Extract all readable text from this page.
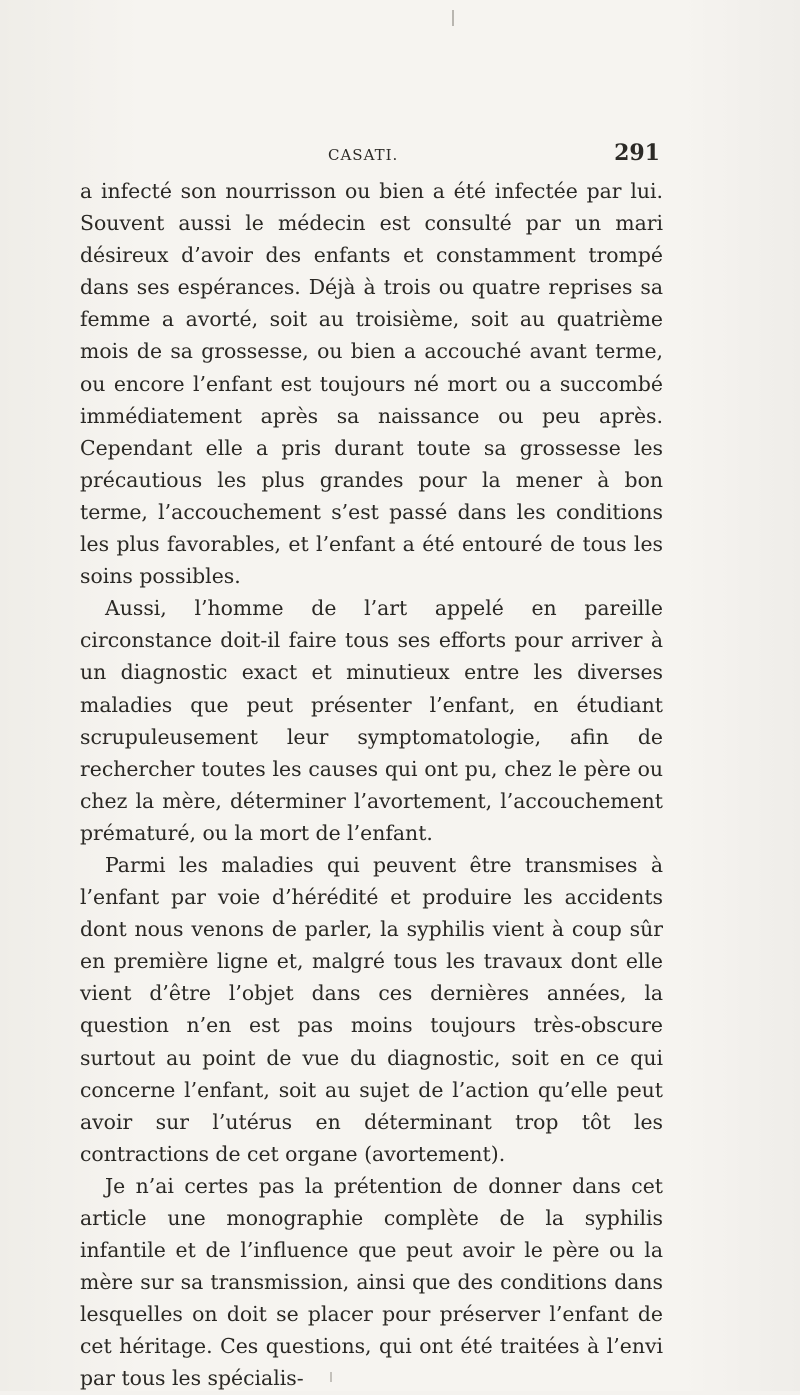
CASATI.	291

a infecté son nourrisson ou bien a été infectée par lui. Souvent aussi le médecin est consulté par un mari désireux d’avoir des enfants et constamment trompé dans ses espérances. Déjà à trois ou quatre reprises sa femme a avorté, soit au troisième, soit au quatrième mois de sa grossesse, ou bien a accouché avant terme, ou encore l’enfant est toujours né mort ou a succombé immédiatement après sa naissance ou peu après. Cependant elle a pris durant toute sa grossesse les précautious les plus grandes pour la mener à bon terme, l’accouchement s’est passé dans les conditions les plus favorables, et l’enfant a été entouré de tous les soins possibles.

Aussi, l’homme de l’art appelé en pareille circonstance doit-il faire tous ses efforts pour arriver à un diagnostic exact et minutieux entre les diverses maladies que peut présenter l’enfant, en étudiant scrupuleusement leur symptomatologie, afin de rechercher toutes les causes qui ont pu, chez le père ou chez la mère, déterminer l’avortement, l’accouchement prématuré, ou la mort de l’enfant.

Parmi les maladies qui peuvent être transmises à l’enfant par voie d’hérédité et produire les accidents dont nous venons de parler, la syphilis vient à coup sûr en première ligne et, malgré tous les travaux dont elle vient d’être l’objet dans ces dernières années, la question n’en est pas moins toujours très-obscure surtout au point de vue du diagnostic, soit en ce qui concerne l’enfant, soit au sujet de l’action qu’elle peut avoir sur l’utérus en déterminant trop tôt les contractions de cet organe (avortement).

Je n’ai certes pas la prétention de donner dans cet article une monographie complète de la syphilis infantile et de l’influence que peut avoir le père ou la mère sur sa transmission, ainsi que des conditions dans lesquelles on doit se placer pour préserver l’enfant de cet héritage. Ces questions, qui ont été traitées à l’envi par tous les spécialis-
